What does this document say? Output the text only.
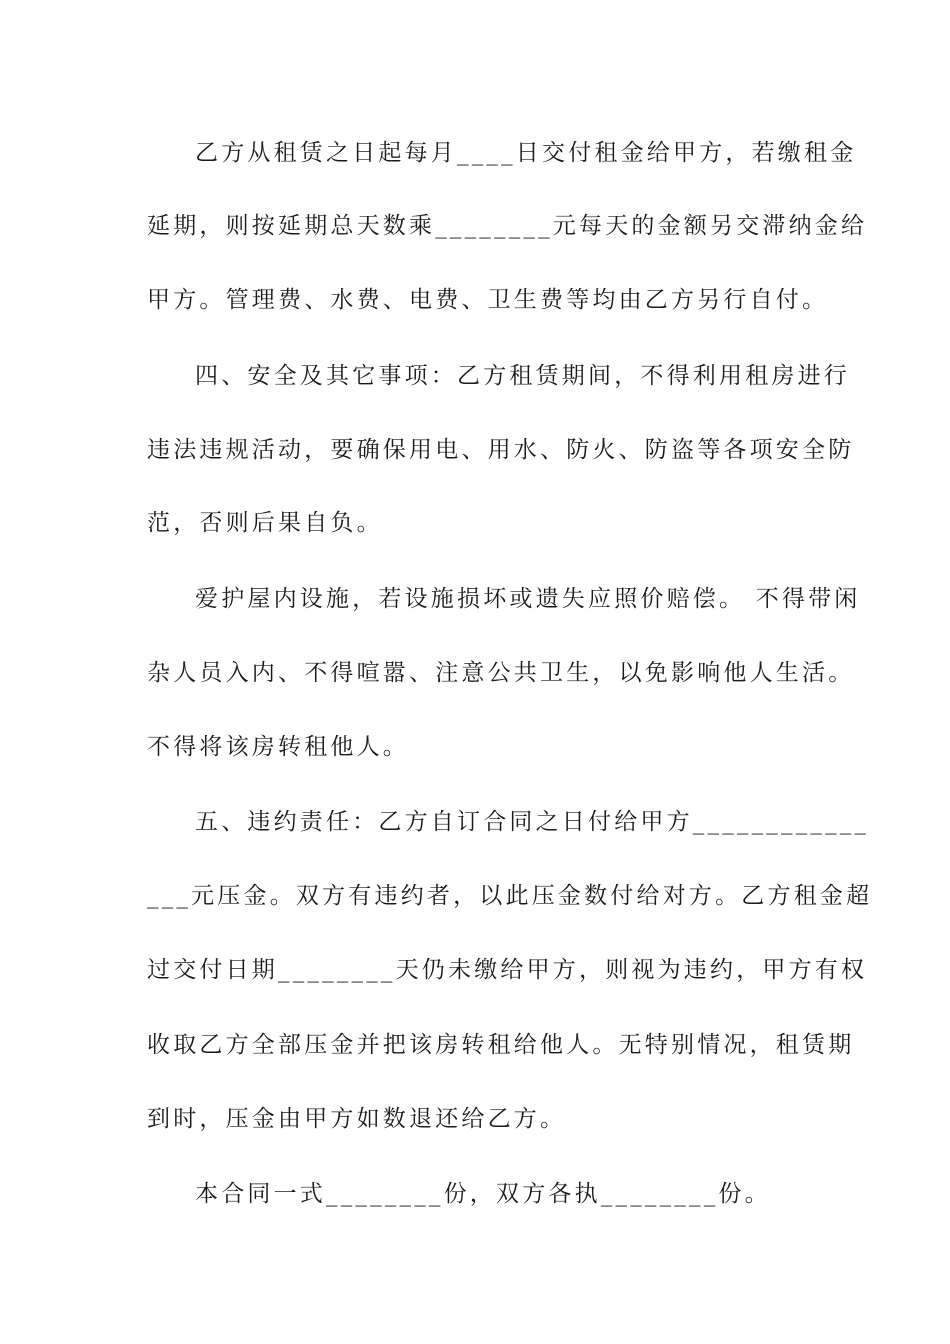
乙方从租赁之日起每月____日交付租金给甲方，若缴租金

延期，则按延期总天数乘________元每天的金额另交滞纳金给

甲方。管理费、水费、电费、卫生费等均由乙方另行自付。

四、安全及其它事项：乙方租赁期间，不得利用租房进行

违法违规活动，要确保用电、用水、防火、防盗等各项安全防

范，否则后果自负。

爱护屋内设施，若设施损坏或遗失应照价赔偿。 不得带闲

杂人员入内、不得喧嚣、注意公共卫生，以免影响他人生活。

不得将该房转租他人。

五、违约责任：乙方自订合同之日付给甲方____________

___元压金。双方有违约者，以此压金数付给对方。乙方租金超

过交付日期________天仍未缴给甲方，则视为违约，甲方有权

收取乙方全部压金并把该房转租给他人。无特别情况，租赁期

到时，压金由甲方如数退还给乙方。

本合同一式________份，双方各执________份。
